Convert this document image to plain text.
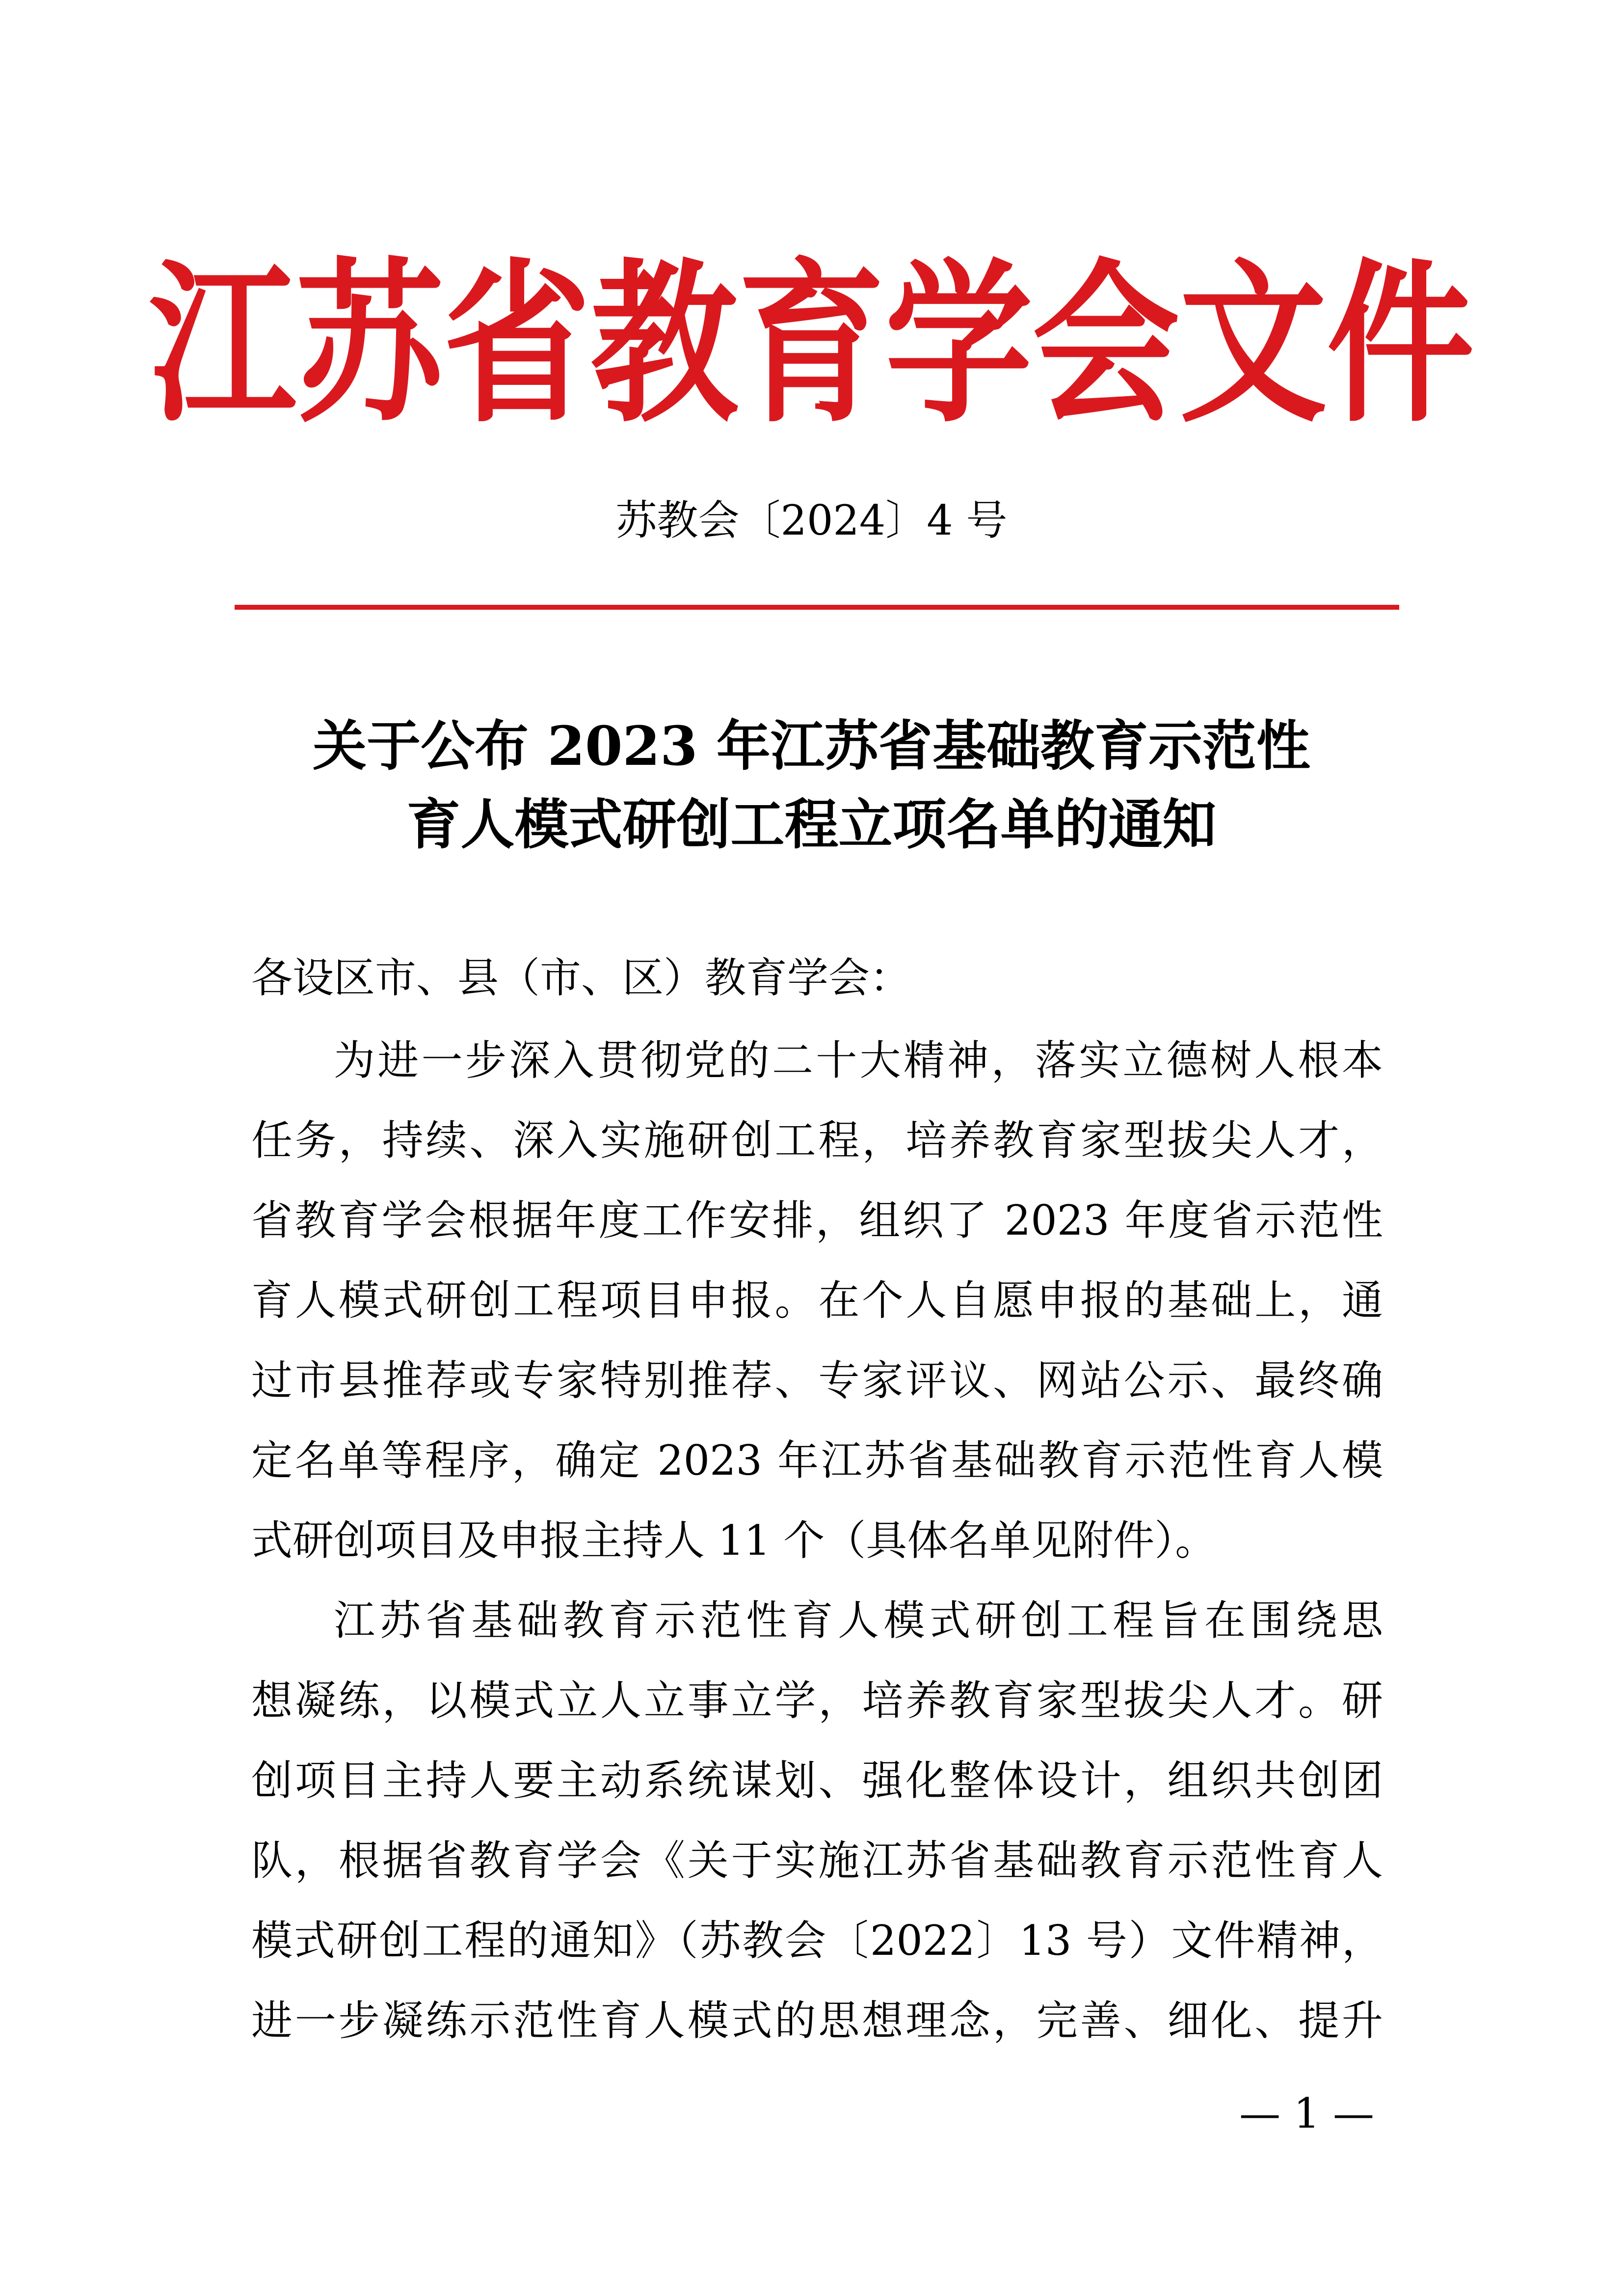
江苏省教育学会文件
苏教会〔2024〕4 号
关于公布 2023 年江苏省基础教育示范性
育人模式研创工程立项名单的通知
各设区市、县（市、区）教育学会：
为进一步深入贯彻党的二十大精神，落实立德树人根本
任务，持续、深入实施研创工程，培养教育家型拔尖人才，
省教育学会根据年度工作安排，组织了 2023 年度省示范性
育人模式研创工程项目申报。在个人自愿申报的基础上，通
过市县推荐或专家特别推荐、专家评议、网站公示、最终确
定名单等程序，确定 2023 年江苏省基础教育示范性育人模
式研创项目及申报主持人 11 个（具体名单见附件）。
江苏省基础教育示范性育人模式研创工程旨在围绕思
想凝练，以模式立人立事立学，培养教育家型拔尖人才。研
创项目主持人要主动系统谋划、强化整体设计，组织共创团
队，根据省教育学会《关于实施江苏省基础教育示范性育人
模式研创工程的通知》（苏教会〔2022〕13 号）文件精神，
进一步凝练示范性育人模式的思想理念，完善、细化、提升
— 1 —
